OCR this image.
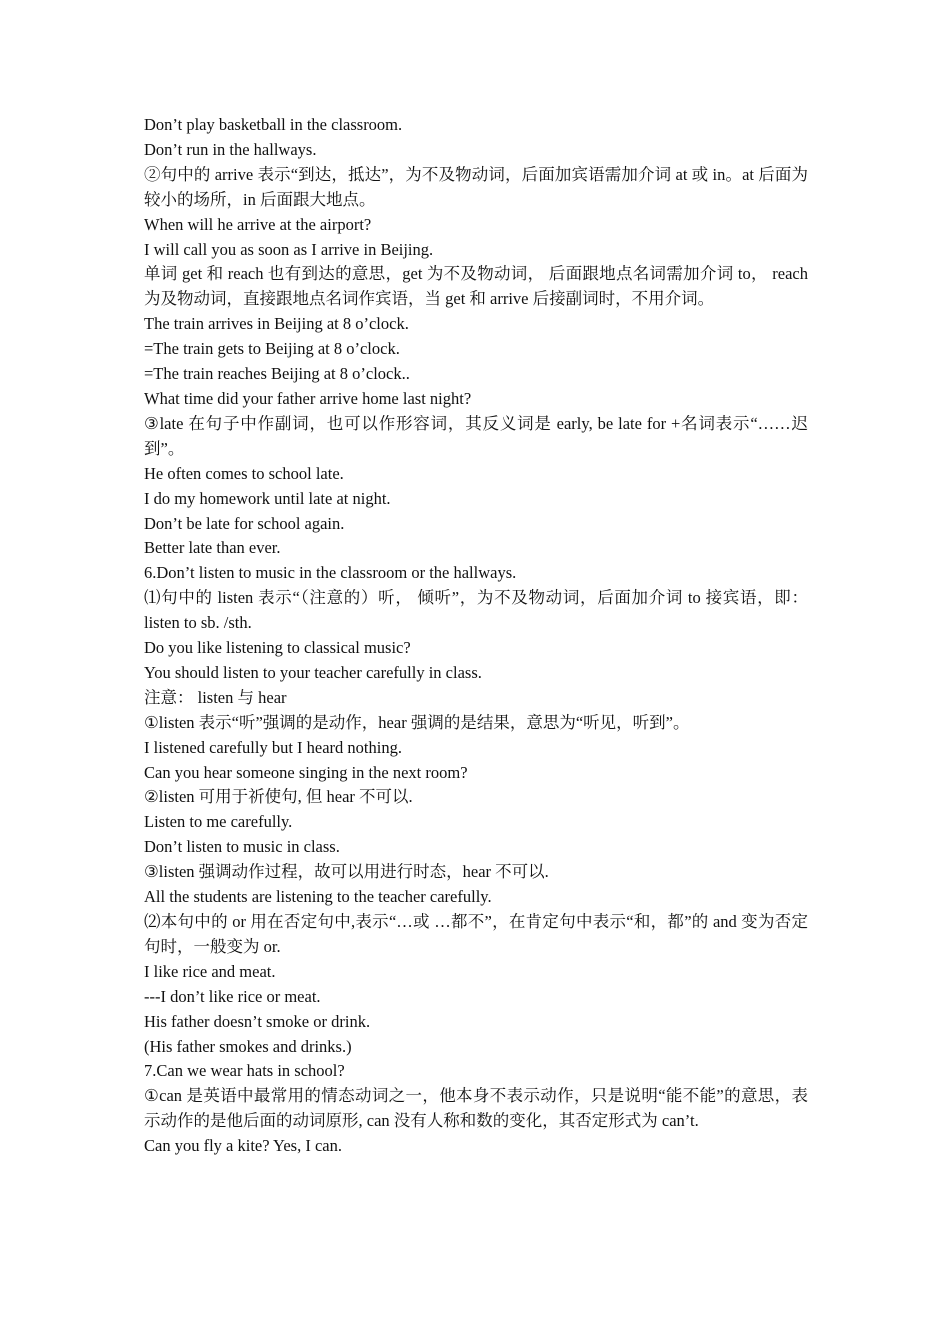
Don’t play basketball in the classroom.
Don’t run in the hallways.
②句中的 arrive 表示“到达，抵达”，为不及物动词，后面加宾语需加介词 at 或 in。at 后面为较小的场所，in 后面跟大地点。
When will he arrive at the airport?
I will call you as soon as I arrive in Beijing.
单词 get 和 reach 也有到达的意思，get 为不及物动词， 后面跟地点名词需加介词 to， reach 为及物动词，直接跟地点名词作宾语，当 get 和 arrive 后接副词时，不用介词。
The train arrives in Beijing at 8 o’clock.
=The train gets to Beijing at 8 o’clock.
=The train reaches Beijing at 8 o’clock..
What time did your father arrive home last night?
③late 在句子中作副词，也可以作形容词，其反义词是 early, be late for +名词表示“……迟到”。
He often comes to school late.
I do my homework until late at night.
Don’t be late for school again.
Better late than ever.
6.Don’t listen to music in the classroom or the hallways.
⑴句中的 listen 表示“（注意的）听， 倾听”，为不及物动词，后面加介词 to 接宾语，即：listen to sb. /sth.
Do you like listening to classical music?
You should listen to your teacher carefully in class.
注意： listen 与 hear
①listen 表示“听”强调的是动作，hear 强调的是结果，意思为“听见，听到”。
I listened carefully but I heard nothing.
Can you hear someone singing in the next room?
②listen 可用于祈使句, 但 hear 不可以.
Listen to me carefully.
Don’t listen to music in class.
③listen 强调动作过程，故可以用进行时态，hear 不可以.
All the students are listening to the teacher carefully.
⑵本句中的 or 用在否定句中,表示“…或 …都不”，在肯定句中表示“和，都”的 and 变为否定句时，一般变为 or.
I like rice and meat.
---I don’t like rice or meat.
His father doesn’t smoke or drink.
(His father smokes and drinks.)
7.Can we wear hats in school?
①can 是英语中最常用的情态动词之一，他本身不表示动作，只是说明“能不能”的意思，表示动作的是他后面的动词原形, can 没有人称和数的变化，其否定形式为 can’t.
Can you fly a kite? Yes, I can.
